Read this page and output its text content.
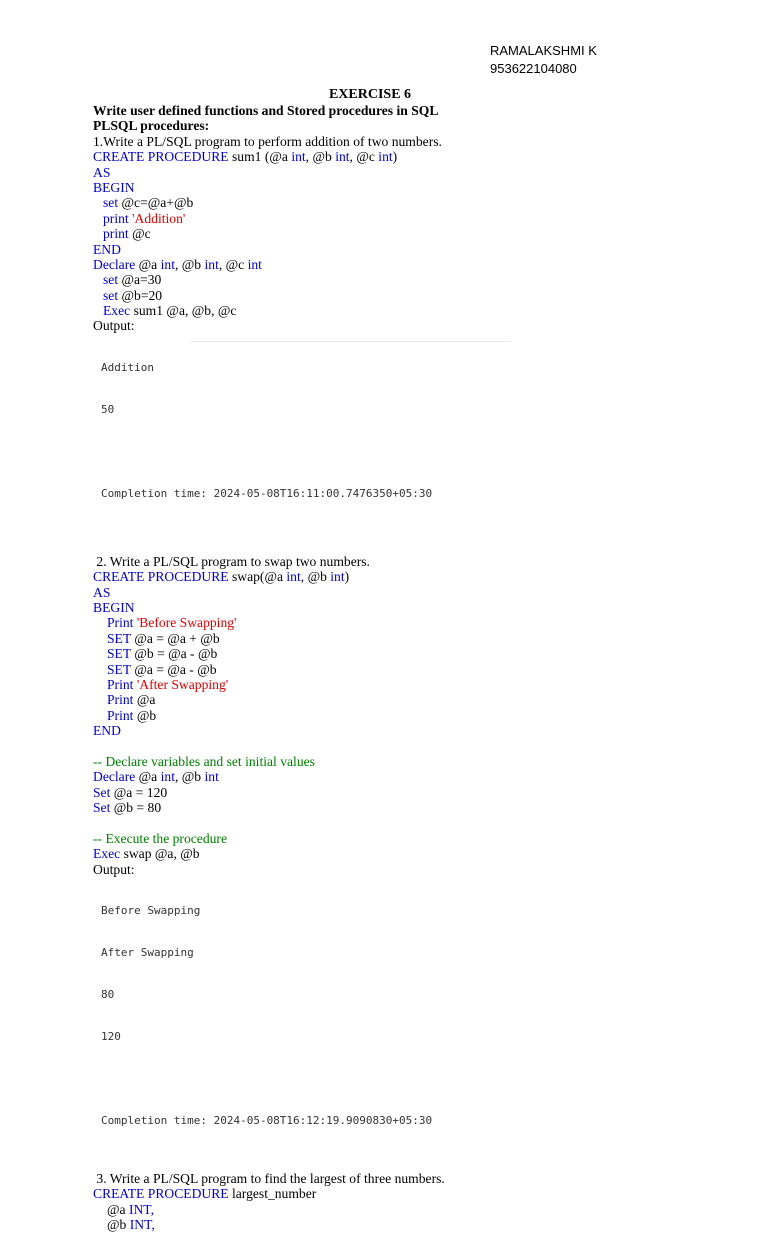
RAMALAKSHMI K
953622104080
EXERCISE 6
Write user defined functions and Stored procedures in SQL
PLSQL procedures:
1.Write a PL/SQL program to perform addition of two numbers.
CREATE PROCEDURE sum1 (@a int, @b int, @c int)
AS
BEGIN
set @c=@a+@b
print 'Addition'
print @c
END
Declare @a int, @b int, @c int
set @a=30
set @b=20
Exec sum1 @a, @b, @c
Output:

Addition

50

Completion time: 2024-05-08T16:11:00.7476350+05:30

2. Write a PL/SQL program to swap two numbers.
CREATE PROCEDURE swap(@a int, @b int)
AS
BEGIN
Print 'Before Swapping'
SET @a = @a + @b
SET @b = @a - @b
SET @a = @a - @b
Print 'After Swapping'
Print @a
Print @b
END
-- Declare variables and set initial values
Declare @a int, @b int
Set @a = 120
Set @b = 80
-- Execute the procedure
Exec swap @a, @b
Output:

Before Swapping

After Swapping

80

120

Completion time: 2024-05-08T16:12:19.9090830+05:30

3. Write a PL/SQL program to find the largest of three numbers.
CREATE PROCEDURE largest_number
@a INT,
@b INT,
